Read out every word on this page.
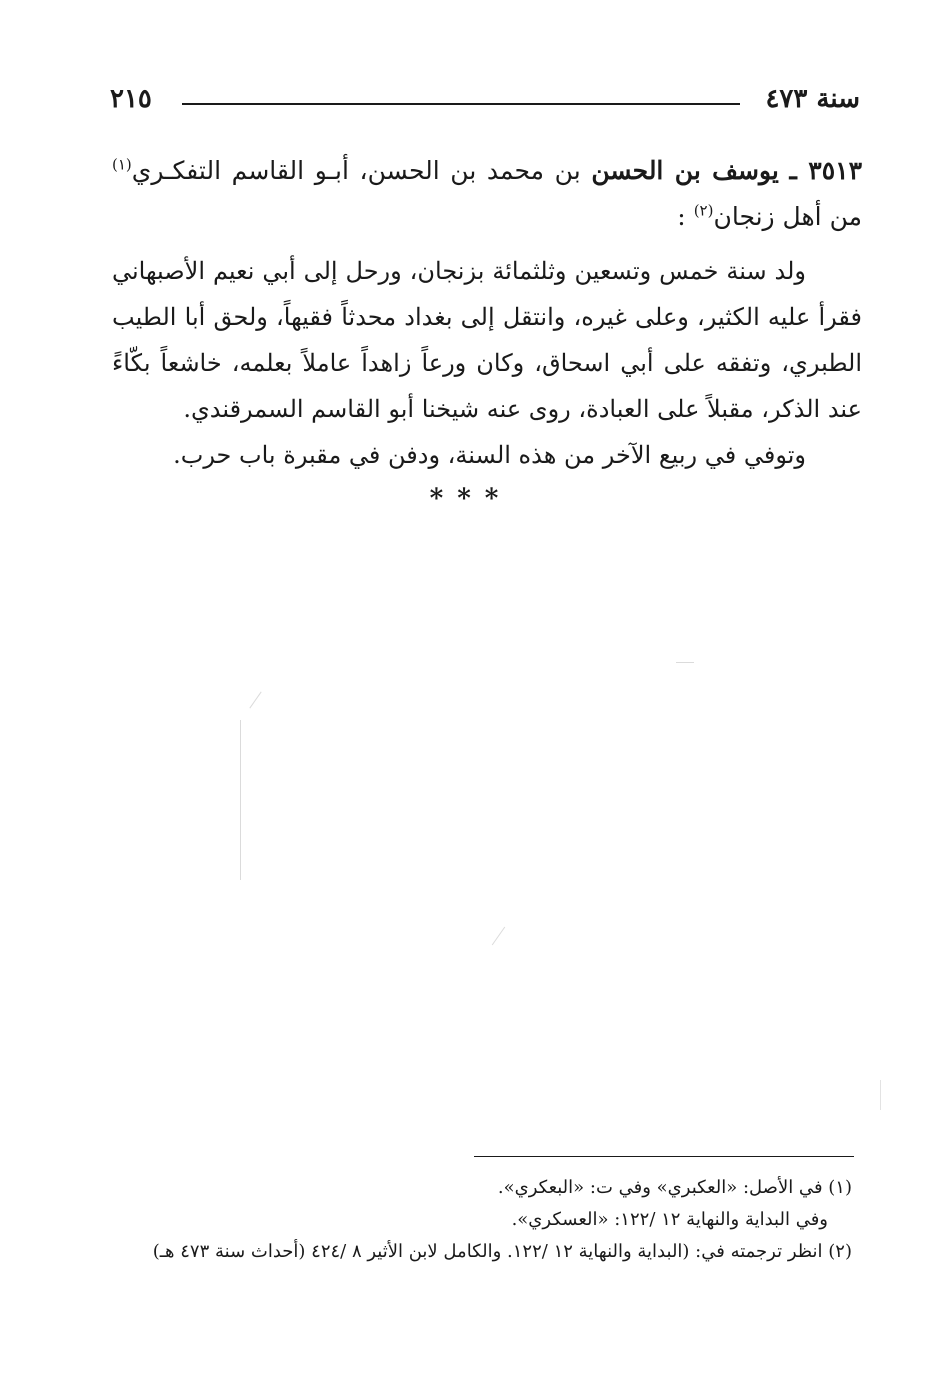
سنة ٤٧٣
٢١٥
٣٥١٣ ـ يوسف بن الحسن بن محمد بن الحسن، أبـو القاسم التفكـري$^{(١)}$ من أهل زنجان$^{(٢)}$ :

ولد سنة خمس وتسعين وثلثمائة بزنجان، ورحل إلى أبي نعيم الأصبهاني فقرأ عليه الكثير، وعلى غيره، وانتقل إلى بغداد محدثاً فقيهاً، ولحق أبا الطيب الطبري، وتفقه على أبي اسحاق، وكان ورعاً زاهداً عاملاً بعلمه، خاشعاً بكّاءً عند الذكر، مقبلاً على العبادة، روى عنه شيخنا أبو القاسم السمرقندي.

وتوفي في ربيع الآخر من هذه السنة، ودفن في مقبرة باب حرب.

***

(١) في الأصل: «العكبري» وفي ت: «البعكري».

وفي البداية والنهاية ١٢ /١٢٢: «العسكري».

(٢) انظر ترجمته في: (البداية والنهاية ١٢ /١٢٢. والكامل لابن الأثير ٨ /٤٢٤ (أحداث سنة ٤٧٣ هـ)
